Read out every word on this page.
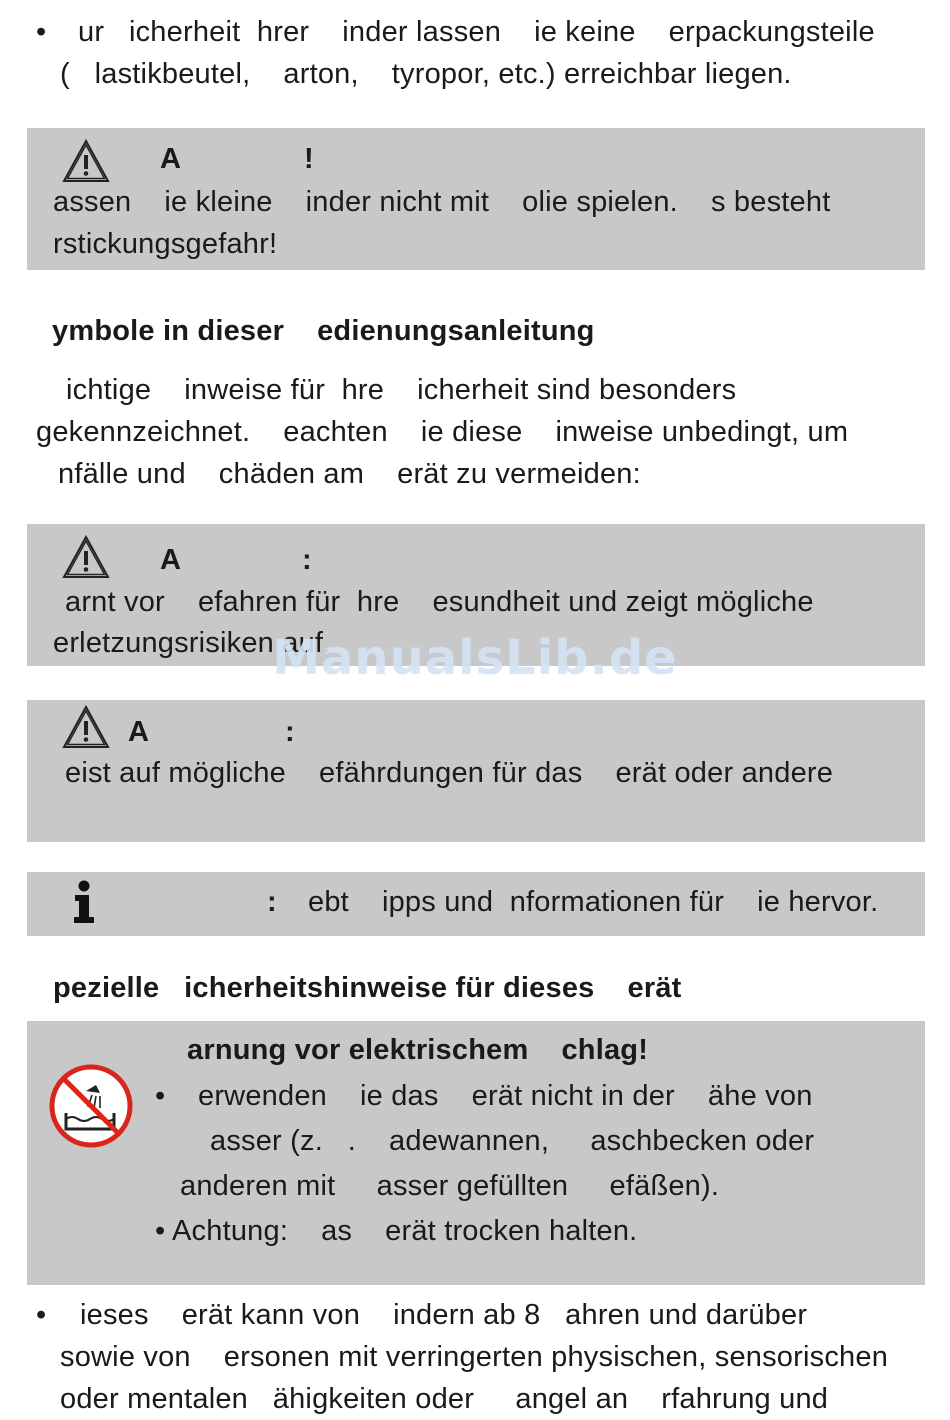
• ur   icherheit  hrer    inder lassen    ie keine    erpackungsteile
(   lastikbeutel,    arton,    tyropor, etc.) erreichbar liegen.
A	!
assen    ie kleine    inder nicht mit    olie spielen.    s besteht
rstickungsgefahr!
ymbole in dieser    edienungsanleitung
ichtige    inweise für  hre    icherheit sind besonders
gekennzeichnet.    eachten    ie diese    inweise unbedingt, um
nfälle und    chäden am    erät zu vermeiden:
A	:
arnt vor    efahren für  hre    esundheit und zeigt mögliche
erletzungsrisiken auf.
A	:
eist auf mögliche    efährdungen für das    erät oder andere
: ebt    ipps und  nformationen für    ie hervor.
pezielle   icherheitshinweise für dieses    erät
arnung vor elektrischem    chlag!
• erwenden    ie das    erät nicht in der    ähe von
asser (z.   .    adewannen,     aschbecken oder
anderen mit     asser gefüllten     efäßen).
• Achtung:    as    erät trocken halten.
• ieses    erät kann von    indern ab 8   ahren und darüber
sowie von    ersonen mit verringerten physischen, sensorischen
oder mentalen   ähigkeiten oder     angel an    rfahrung und
ManualsLib.de
